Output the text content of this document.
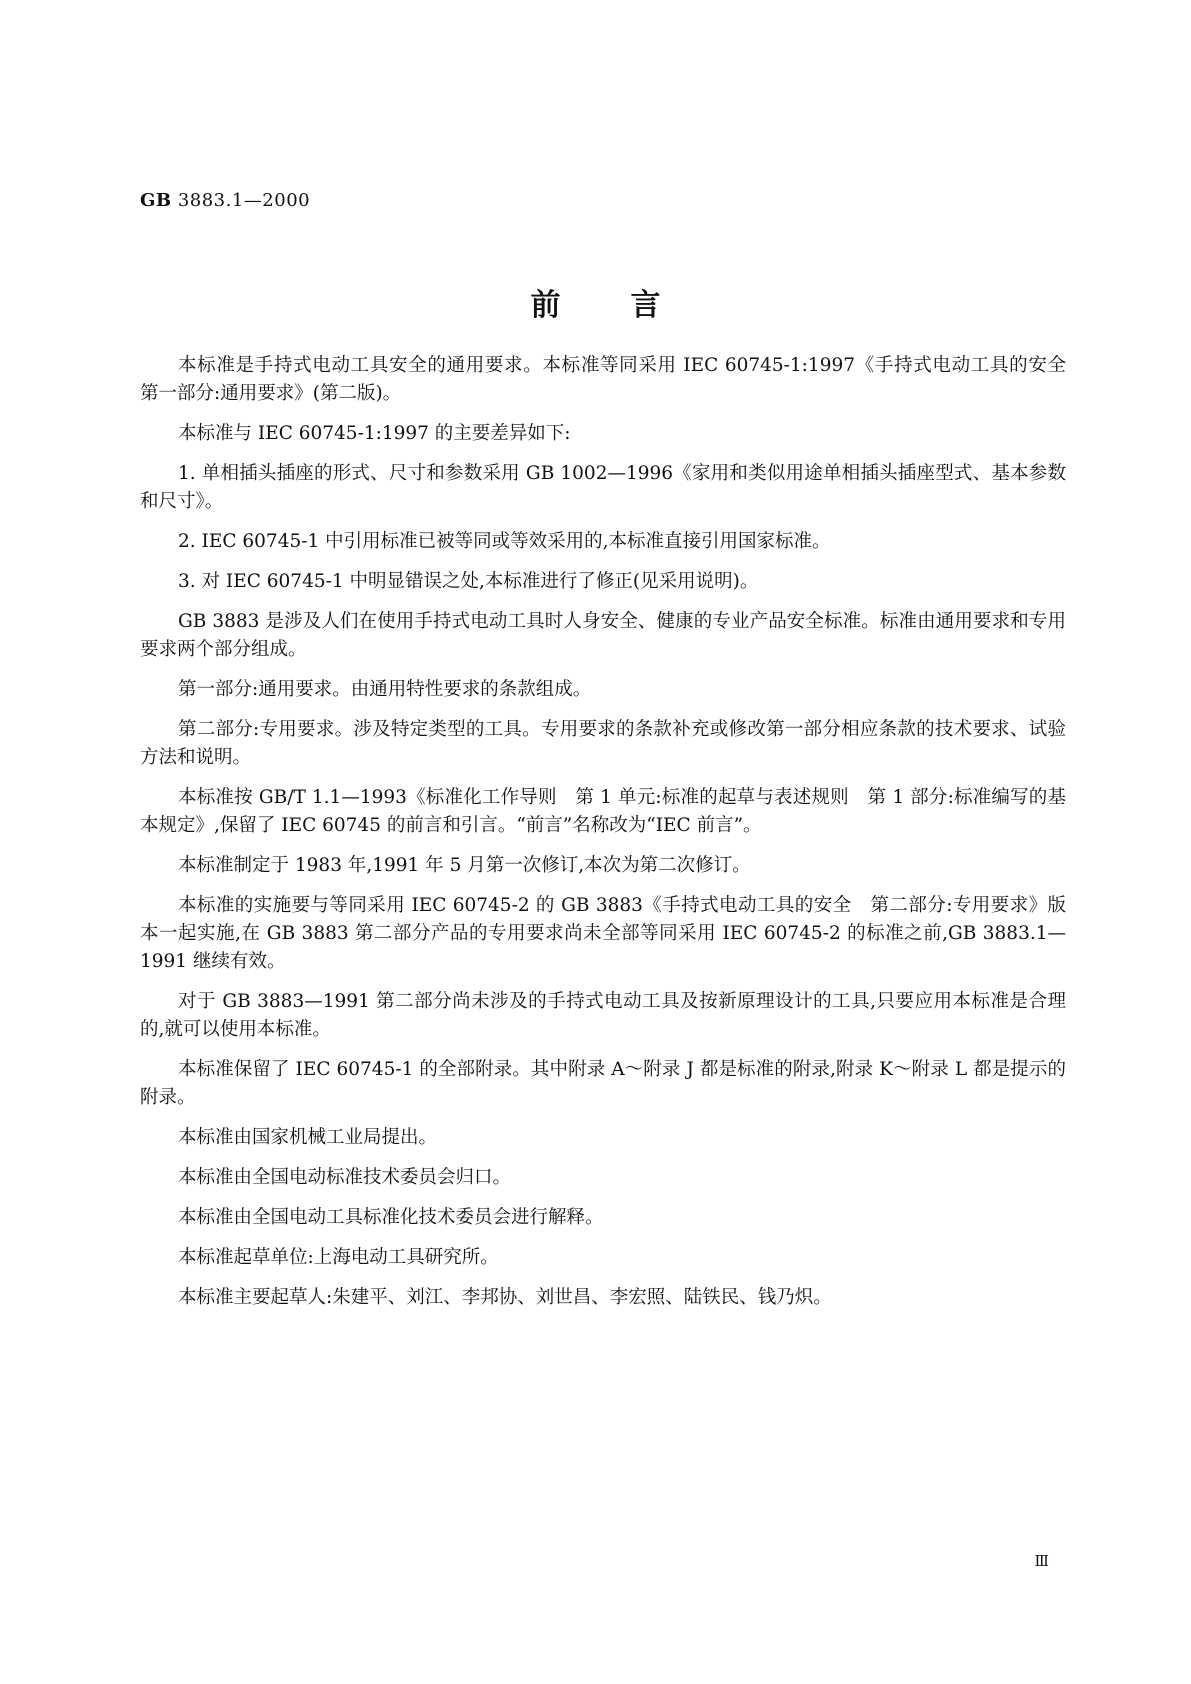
GB 3883.1—2000
前言

本标准是手持式电动工具安全的通用要求。本标准等同采用 IEC 60745-1:1997《手持式电动工具的安全　第一部分:通用要求》(第二版)。

本标准与 IEC 60745-1:1997 的主要差异如下:

1. 单相插头插座的形式、尺寸和参数采用 GB 1002—1996《家用和类似用途单相插头插座型式、基本参数和尺寸》。

2. IEC 60745-1 中引用标准已被等同或等效采用的,本标准直接引用国家标准。

3. 对 IEC 60745-1 中明显错误之处,本标准进行了修正(见采用说明)。

GB 3883 是涉及人们在使用手持式电动工具时人身安全、健康的专业产品安全标准。标准由通用要求和专用要求两个部分组成。

第一部分:通用要求。由通用特性要求的条款组成。

第二部分:专用要求。涉及特定类型的工具。专用要求的条款补充或修改第一部分相应条款的技术要求、试验方法和说明。

本标准按 GB/T 1.1—1993《标准化工作导则　第 1 单元:标准的起草与表述规则　第 1 部分:标准编写的基本规定》,保留了 IEC 60745 的前言和引言。“前言”名称改为“IEC 前言”。

本标准制定于 1983 年,1991 年 5 月第一次修订,本次为第二次修订。

本标准的实施要与等同采用 IEC 60745-2 的 GB 3883《手持式电动工具的安全　第二部分:专用要求》版本一起实施,在 GB 3883 第二部分产品的专用要求尚未全部等同采用 IEC 60745-2 的标准之前,GB 3883.1—1991 继续有效。

对于 GB 3883—1991 第二部分尚未涉及的手持式电动工具及按新原理设计的工具,只要应用本标准是合理的,就可以使用本标准。

本标准保留了 IEC 60745-1 的全部附录。其中附录 A～附录 J 都是标准的附录,附录 K～附录 L 都是提示的附录。

本标准由国家机械工业局提出。

本标准由全国电动标准技术委员会归口。

本标准由全国电动工具标准化技术委员会进行解释。

本标准起草单位:上海电动工具研究所。

本标准主要起草人:朱建平、刘江、李邦协、刘世昌、李宏照、陆铁民、钱乃炽。

Ⅲ
